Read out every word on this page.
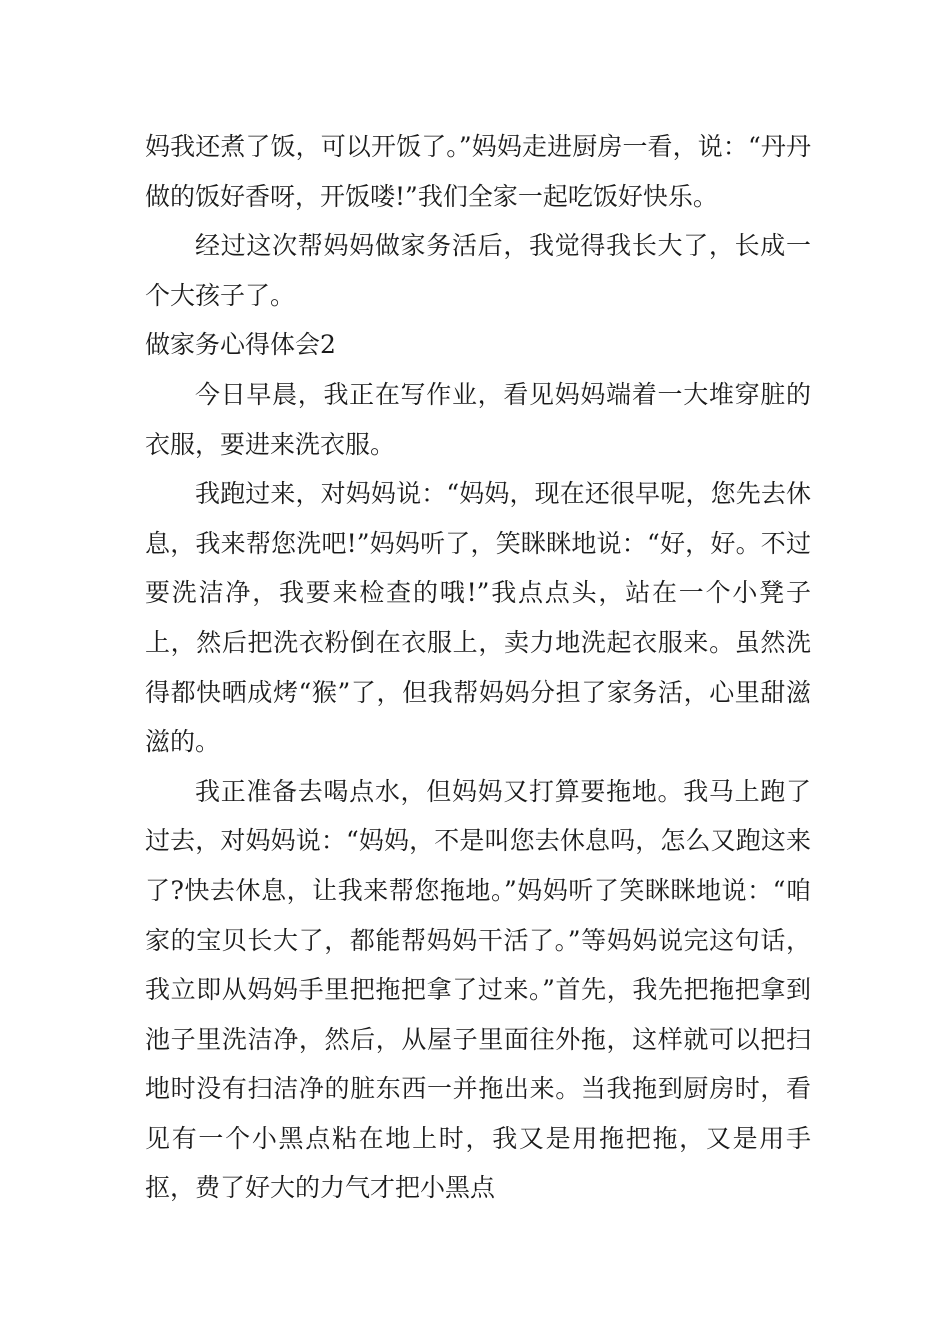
妈我还煮了饭，可以开饭了。”妈妈走进厨房一看，说：“丹丹做的饭好香呀，开饭喽!”我们全家一起吃饭好快乐。

经过这次帮妈妈做家务活后，我觉得我长大了，长成一个大孩子了。

做家务心得体会2

今日早晨，我正在写作业，看见妈妈端着一大堆穿脏的衣服，要进来洗衣服。

我跑过来，对妈妈说：“妈妈，现在还很早呢，您先去休息，我来帮您洗吧!”妈妈听了，笑眯眯地说：“好，好。不过要洗洁净，我要来检查的哦!”我点点头，站在一个小凳子上，然后把洗衣粉倒在衣服上，卖力地洗起衣服来。虽然洗得都快晒成烤“猴”了，但我帮妈妈分担了家务活，心里甜滋滋的。

我正准备去喝点水，但妈妈又打算要拖地。我马上跑了过去，对妈妈说：“妈妈，不是叫您去休息吗，怎么又跑这来了?快去休息，让我来帮您拖地。”妈妈听了笑眯眯地说：“咱家的宝贝长大了，都能帮妈妈干活了。”等妈妈说完这句话，我立即从妈妈手里把拖把拿了过来。”首先，我先把拖把拿到池子里洗洁净，然后，从屋子里面往外拖，这样就可以把扫地时没有扫洁净的脏东西一并拖出来。当我拖到厨房时，看见有一个小黑点粘在地上时，我又是用拖把拖，又是用手抠，费了好大的力气才把小黑点
